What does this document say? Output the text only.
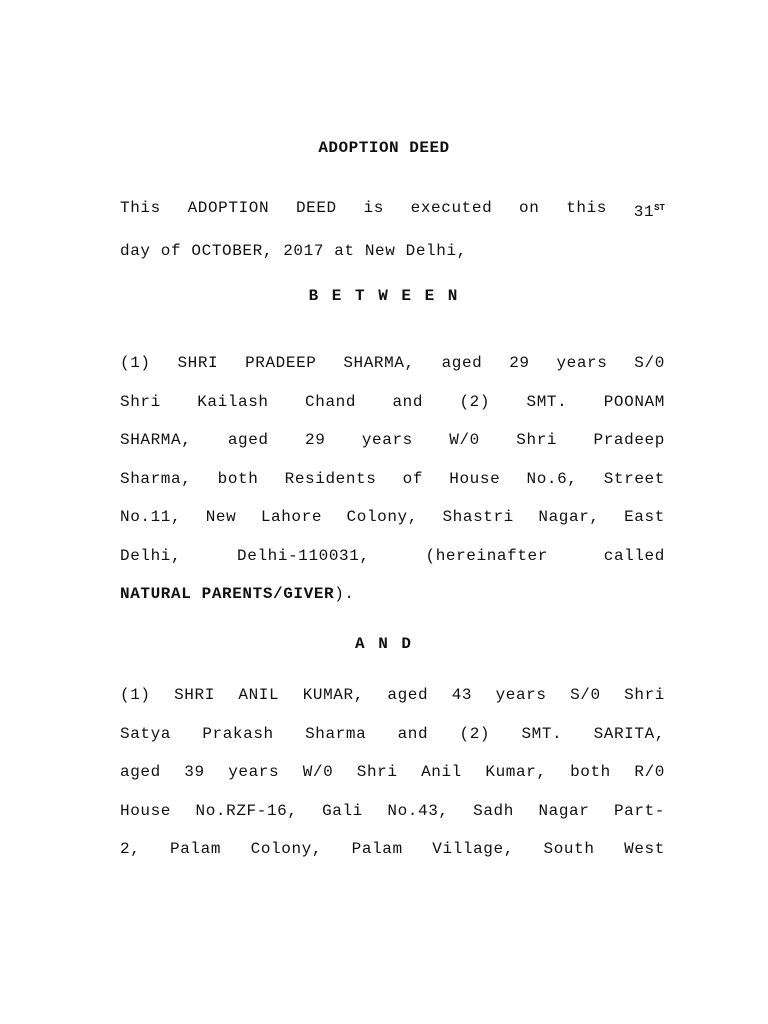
ADOPTION DEED
This ADOPTION DEED is executed on this 31ST
day of OCTOBER, 2017 at New Delhi,
B E T W E E N
(1) SHRI PRADEEP SHARMA, aged 29 years S/0
Shri Kailash Chand and (2) SMT. POONAM
SHARMA, aged 29 years W/0 Shri Pradeep
Sharma, both Residents of House No.6, Street
No.11, New Lahore Colony, Shastri Nagar, East
Delhi,	Delhi-110031,	(hereinafter	called
NATURAL PARENTS/GIVER).
A N D
(1) SHRI ANIL KUMAR, aged 43 years S/0 Shri
Satya Prakash Sharma and (2) SMT. SARITA,
aged 39 years W/0 Shri Anil Kumar, both R/0
House No.RZF-16, Gali No.43, Sadh Nagar Part-
2, Palam Colony, Palam Village, South West
